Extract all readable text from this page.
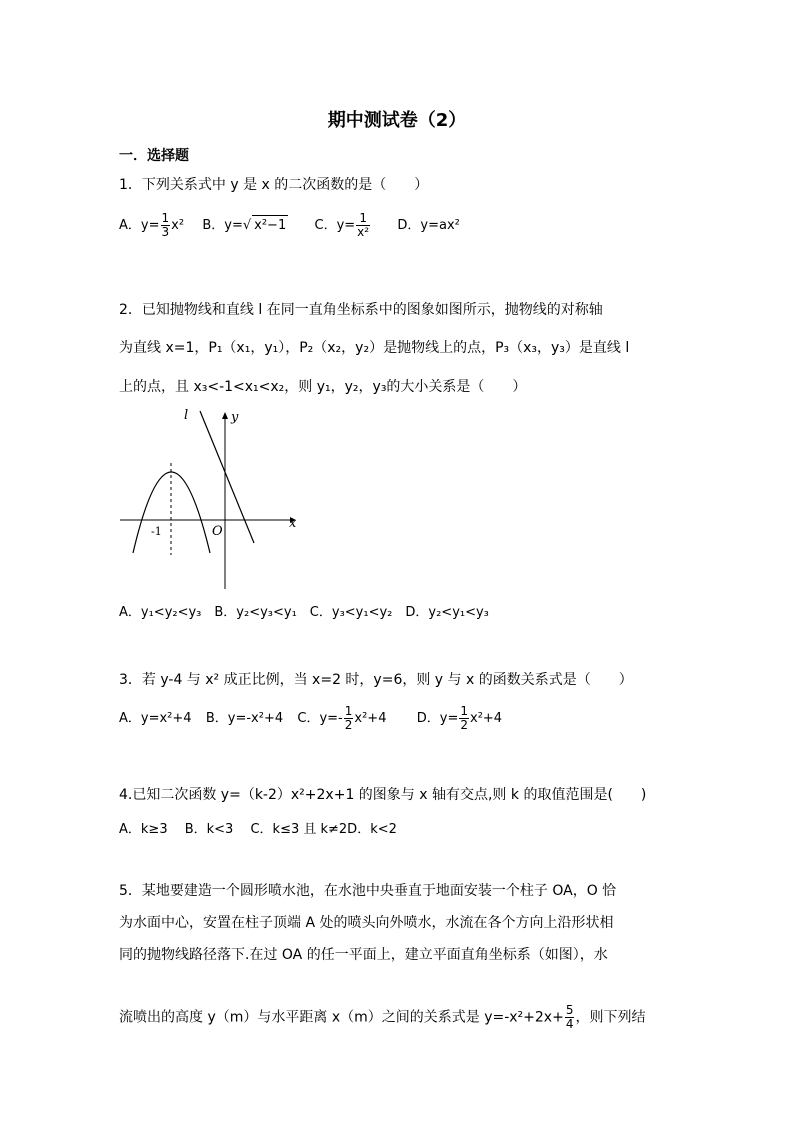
期中测试卷（2）
一．选择题
1．下列关系式中 y 是 x 的二次函数的是（　　）
A．$y= \frac{1}{3} x^2$ B．y=√ x²−1 C．$y= \frac{1}{\text{x²}}$ D．y=ax²
2．已知抛物线和直线 l 在同一直角坐标系中的图象如图所示，抛物线的对称轴
为直线 x=1，P₁（x₁，y₁），P₂（x₂，y₂）是抛物线上的点，P₃（x₃，y₃）是直线 l
上的点，且 x₃<-1<x₁<x₂，则 y₁，y₂，y₃的大小关系是（　　）
l	y
x
O
-1
A．y₁<y₂<y₃　B．y₂<y₃<y₁　C．y₃<y₁<y₂　D．y₂<y₁<y₃
3．若 y-4 与 x² 成正比例，当 x=2 时，y=6，则 y 与 x 的函数关系式是（　　）
A．y=x²+4 B．y=-x²+4 C．$y=- \frac{1}{2} x^2+4$ D．$y= \frac{1}{2} x^2+4$
4.已知二次函数 y=（k-2）x²+2x+1 的图象与 x 轴有交点,则 k 的取值范围是(　　)
A．k≥3　 B．k<3　 C．k≤3 且 k≠2D．k<2
5．某地要建造一个圆形喷水池，在水池中央垂直于地面安装一个柱子 OA，O 恰
为水面中心，安置在柱子顶端 A 处的喷头向外喷水，水流在各个方向上沿形状相
同的抛物线路径落下.在过 OA 的任一平面上，建立平面直角坐标系（如图），水
流喷出的高度 y（m）与水平距离 x（m）之间的关系式是 $y=-x^2+2x+ \frac{5}{4}$ ，则下列结
